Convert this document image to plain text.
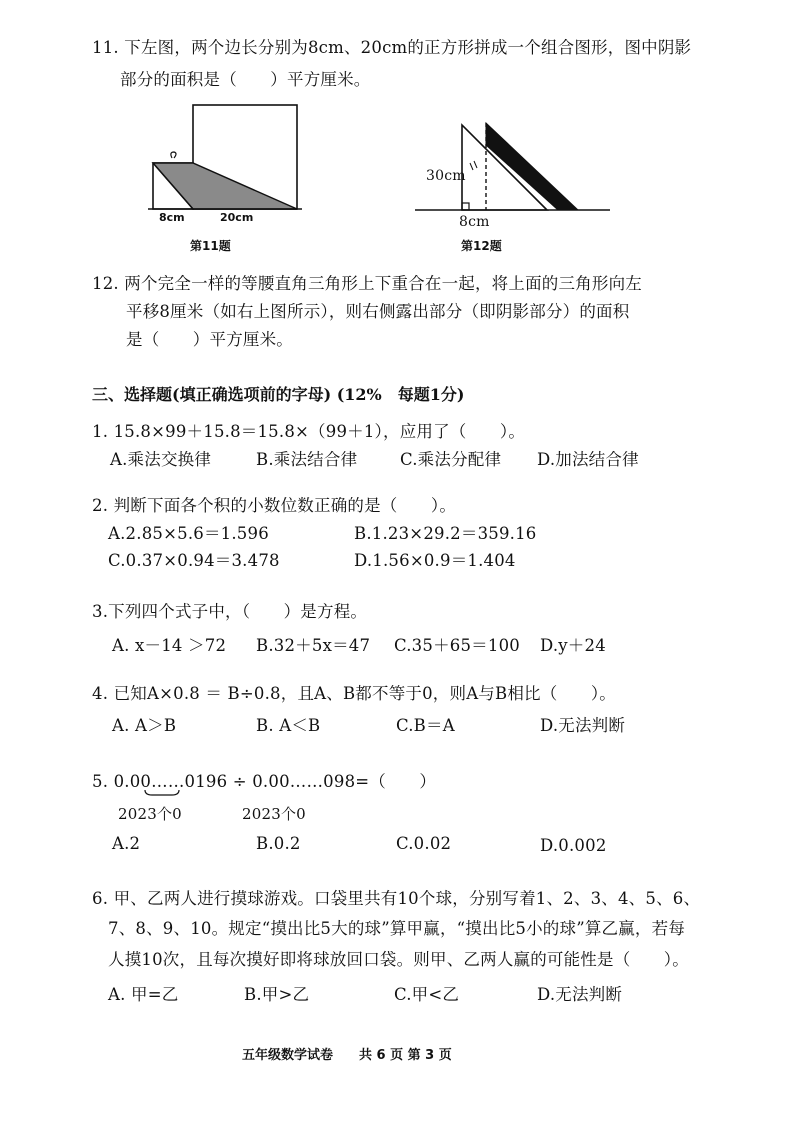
11. 下左图，两个边长分别为8cm、20cm的正方形拼成一个组合图形，图中阴影
部分的面积是（　　）平方厘米。
8cm	20cm
第11题
30cm
8cm
第12题
12. 两个完全一样的等腰直角三角形上下重合在一起，将上面的三角形向左
平移8厘米（如右上图所示），则右侧露出部分（即阴影部分）的面积
是（　　）平方厘米。
三、选择题(填正确选项前的字母) (12%　每题1分)
1. 15.8×99＋15.8＝15.8×（99＋1），应用了（　　）。
A.乘法交换律	B.乘法结合律	C.乘法分配律 D.加法结合律
2. 判断下面各个积的小数位数正确的是（　　）。
A.2.85×5.6＝1.596	B.1.23×29.2＝359.16
C.0.37×0.94＝3.478	D.1.56×0.9＝1.404
3.下列四个式子中，（　　）是方程。
A. x－14 ＞72 B.32＋5x＝47 C.35＋65＝100 D.y＋24
4. 已知A×0.8 ＝ B÷0.8，且A、B都不等于0，则A与B相比（　　）。
A. A＞B	B. A＜B	C.B＝A	D.无法判断
5. 0.00……0196 ÷ 0.00……098=（　　）
2023个0	2023个0
A.2	B.0.2	C.0.02	D.0.002
6. 甲、乙两人进行摸球游戏。口袋里共有10个球，分别写着1、2、3、4、5、6、
7、8、9、10。规定“摸出比5大的球”算甲赢，“摸出比5小的球”算乙赢，若每
人摸10次，且每次摸好即将球放回口袋。则甲、乙两人赢的可能性是（　　）。
A. 甲=乙	B.甲>乙	C.甲<乙	D.无法判断
五年级数学试卷　　共 6 页 第 3 页
